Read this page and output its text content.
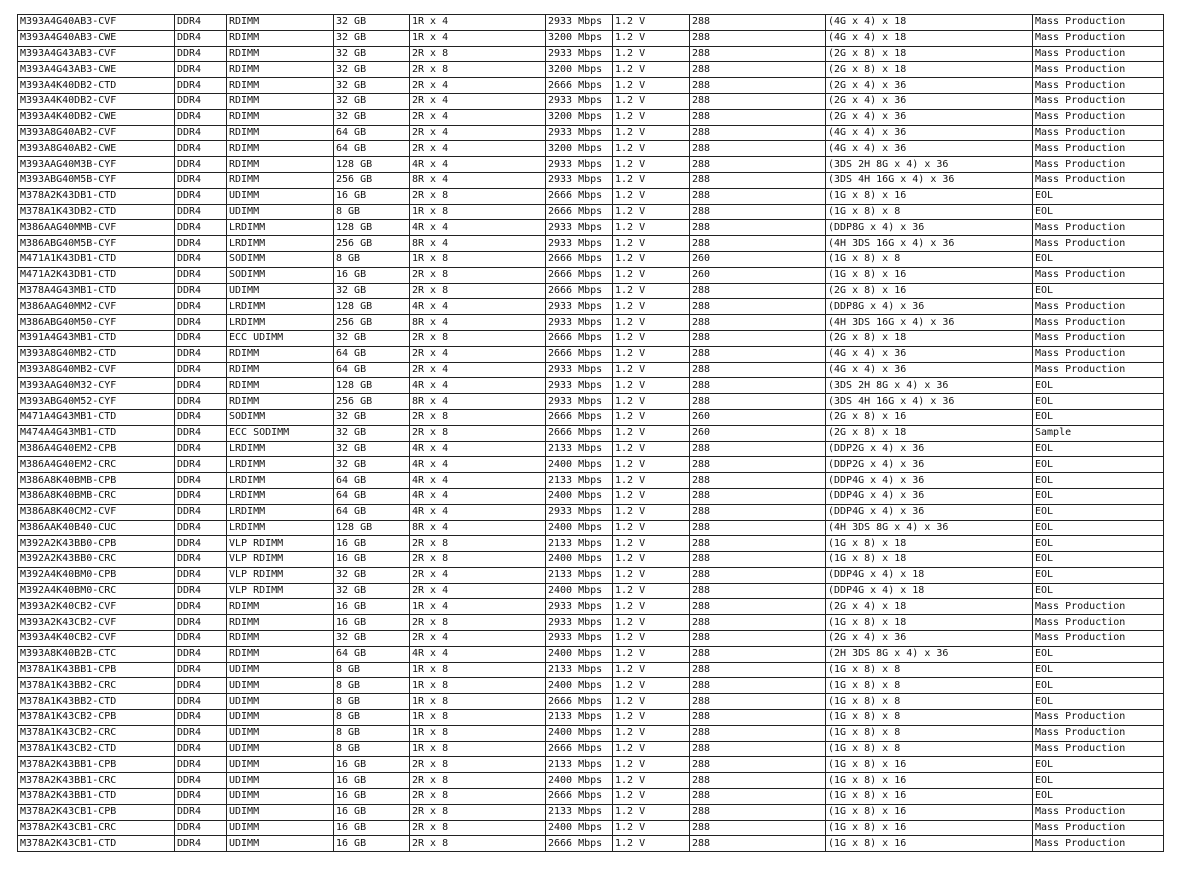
M393A4G40AB3-CVF	DDR4	RDIMM	32 GB	1R x 4	2933 Mbps	1.2 V	288	(4G x 4) x 18	Mass Production
M393A4G40AB3-CWE	DDR4	RDIMM	32 GB	1R x 4	3200 Mbps	1.2 V	288	(4G x 4) x 18	Mass Production
M393A4G43AB3-CVF	DDR4	RDIMM	32 GB	2R x 8	2933 Mbps	1.2 V	288	(2G x 8) x 18	Mass Production
M393A4G43AB3-CWE	DDR4	RDIMM	32 GB	2R x 8	3200 Mbps	1.2 V	288	(2G x 8) x 18	Mass Production
M393A4K40DB2-CTD	DDR4	RDIMM	32 GB	2R x 4	2666 Mbps	1.2 V	288	(2G x 4) x 36	Mass Production
M393A4K40DB2-CVF	DDR4	RDIMM	32 GB	2R x 4	2933 Mbps	1.2 V	288	(2G x 4) x 36	Mass Production
M393A4K40DB2-CWE	DDR4	RDIMM	32 GB	2R x 4	3200 Mbps	1.2 V	288	(2G x 4) x 36	Mass Production
M393A8G40AB2-CVF	DDR4	RDIMM	64 GB	2R x 4	2933 Mbps	1.2 V	288	(4G x 4) x 36	Mass Production
M393A8G40AB2-CWE	DDR4	RDIMM	64 GB	2R x 4	3200 Mbps	1.2 V	288	(4G x 4) x 36	Mass Production
M393AAG40M3B-CYF	DDR4	RDIMM	128 GB	4R x 4	2933 Mbps	1.2 V	288	(3DS 2H 8G x 4) x 36	Mass Production
M393ABG40M5B-CYF	DDR4	RDIMM	256 GB	8R x 4	2933 Mbps	1.2 V	288	(3DS 4H 16G x 4) x 36	Mass Production
M378A2K43DB1-CTD	DDR4	UDIMM	16 GB	2R x 8	2666 Mbps	1.2 V	288	(1G x 8) x 16	EOL
M378A1K43DB2-CTD	DDR4	UDIMM	8 GB	1R x 8	2666 Mbps	1.2 V	288	(1G x 8) x 8	EOL
M386AAG40MMB-CVF	DDR4	LRDIMM	128 GB	4R x 4	2933 Mbps	1.2 V	288	(DDP8G x 4) x 36	Mass Production
M386ABG40M5B-CYF	DDR4	LRDIMM	256 GB	8R x 4	2933 Mbps	1.2 V	288	(4H 3DS 16G x 4) x 36	Mass Production
M471A1K43DB1-CTD	DDR4	SODIMM	8 GB	1R x 8	2666 Mbps	1.2 V	260	(1G x 8) x 8	EOL
M471A2K43DB1-CTD	DDR4	SODIMM	16 GB	2R x 8	2666 Mbps	1.2 V	260	(1G x 8) x 16	Mass Production
M378A4G43MB1-CTD	DDR4	UDIMM	32 GB	2R x 8	2666 Mbps	1.2 V	288	(2G x 8) x 16	EOL
M386AAG40MM2-CVF	DDR4	LRDIMM	128 GB	4R x 4	2933 Mbps	1.2 V	288	(DDP8G x 4) x 36	Mass Production
M386ABG40M50-CYF	DDR4	LRDIMM	256 GB	8R x 4	2933 Mbps	1.2 V	288	(4H 3DS 16G x 4) x 36	Mass Production
M391A4G43MB1-CTD	DDR4	ECC UDIMM	32 GB	2R x 8	2666 Mbps	1.2 V	288	(2G x 8) x 18	Mass Production
M393A8G40MB2-CTD	DDR4	RDIMM	64 GB	2R x 4	2666 Mbps	1.2 V	288	(4G x 4) x 36	Mass Production
M393A8G40MB2-CVF	DDR4	RDIMM	64 GB	2R x 4	2933 Mbps	1.2 V	288	(4G x 4) x 36	Mass Production
M393AAG40M32-CYF	DDR4	RDIMM	128 GB	4R x 4	2933 Mbps	1.2 V	288	(3DS 2H 8G x 4) x 36	EOL
M393ABG40M52-CYF	DDR4	RDIMM	256 GB	8R x 4	2933 Mbps	1.2 V	288	(3DS 4H 16G x 4) x 36	EOL
M471A4G43MB1-CTD	DDR4	SODIMM	32 GB	2R x 8	2666 Mbps	1.2 V	260	(2G x 8) x 16	EOL
M474A4G43MB1-CTD	DDR4	ECC SODIMM	32 GB	2R x 8	2666 Mbps	1.2 V	260	(2G x 8) x 18	Sample
M386A4G40EM2-CPB	DDR4	LRDIMM	32 GB	4R x 4	2133 Mbps	1.2 V	288	(DDP2G x 4) x 36	EOL
M386A4G40EM2-CRC	DDR4	LRDIMM	32 GB	4R x 4	2400 Mbps	1.2 V	288	(DDP2G x 4) x 36	EOL
M386A8K40BMB-CPB	DDR4	LRDIMM	64 GB	4R x 4	2133 Mbps	1.2 V	288	(DDP4G x 4) x 36	EOL
M386A8K40BMB-CRC	DDR4	LRDIMM	64 GB	4R x 4	2400 Mbps	1.2 V	288	(DDP4G x 4) x 36	EOL
M386A8K40CM2-CVF	DDR4	LRDIMM	64 GB	4R x 4	2933 Mbps	1.2 V	288	(DDP4G x 4) x 36	EOL
M386AAK40B40-CUC	DDR4	LRDIMM	128 GB	8R x 4	2400 Mbps	1.2 V	288	(4H 3DS 8G x 4) x 36	EOL
M392A2K43BB0-CPB	DDR4	VLP RDIMM	16 GB	2R x 8	2133 Mbps	1.2 V	288	(1G x 8) x 18	EOL
M392A2K43BB0-CRC	DDR4	VLP RDIMM	16 GB	2R x 8	2400 Mbps	1.2 V	288	(1G x 8) x 18	EOL
M392A4K40BM0-CPB	DDR4	VLP RDIMM	32 GB	2R x 4	2133 Mbps	1.2 V	288	(DDP4G x 4) x 18	EOL
M392A4K40BM0-CRC	DDR4	VLP RDIMM	32 GB	2R x 4	2400 Mbps	1.2 V	288	(DDP4G x 4) x 18	EOL
M393A2K40CB2-CVF	DDR4	RDIMM	16 GB	1R x 4	2933 Mbps	1.2 V	288	(2G x 4) x 18	Mass Production
M393A2K43CB2-CVF	DDR4	RDIMM	16 GB	2R x 8	2933 Mbps	1.2 V	288	(1G x 8) x 18	Mass Production
M393A4K40CB2-CVF	DDR4	RDIMM	32 GB	2R x 4	2933 Mbps	1.2 V	288	(2G x 4) x 36	Mass Production
M393A8K40B2B-CTC	DDR4	RDIMM	64 GB	4R x 4	2400 Mbps	1.2 V	288	(2H 3DS 8G x 4) x 36	EOL
M378A1K43BB1-CPB	DDR4	UDIMM	8 GB	1R x 8	2133 Mbps	1.2 V	288	(1G x 8) x 8	EOL
M378A1K43BB2-CRC	DDR4	UDIMM	8 GB	1R x 8	2400 Mbps	1.2 V	288	(1G x 8) x 8	EOL
M378A1K43BB2-CTD	DDR4	UDIMM	8 GB	1R x 8	2666 Mbps	1.2 V	288	(1G x 8) x 8	EOL
M378A1K43CB2-CPB	DDR4	UDIMM	8 GB	1R x 8	2133 Mbps	1.2 V	288	(1G x 8) x 8	Mass Production
M378A1K43CB2-CRC	DDR4	UDIMM	8 GB	1R x 8	2400 Mbps	1.2 V	288	(1G x 8) x 8	Mass Production
M378A1K43CB2-CTD	DDR4	UDIMM	8 GB	1R x 8	2666 Mbps	1.2 V	288	(1G x 8) x 8	Mass Production
M378A2K43BB1-CPB	DDR4	UDIMM	16 GB	2R x 8	2133 Mbps	1.2 V	288	(1G x 8) x 16	EOL
M378A2K43BB1-CRC	DDR4	UDIMM	16 GB	2R x 8	2400 Mbps	1.2 V	288	(1G x 8) x 16	EOL
M378A2K43BB1-CTD	DDR4	UDIMM	16 GB	2R x 8	2666 Mbps	1.2 V	288	(1G x 8) x 16	EOL
M378A2K43CB1-CPB	DDR4	UDIMM	16 GB	2R x 8	2133 Mbps	1.2 V	288	(1G x 8) x 16	Mass Production
M378A2K43CB1-CRC	DDR4	UDIMM	16 GB	2R x 8	2400 Mbps	1.2 V	288	(1G x 8) x 16	Mass Production
M378A2K43CB1-CTD	DDR4	UDIMM	16 GB	2R x 8	2666 Mbps	1.2 V	288	(1G x 8) x 16	Mass Production
